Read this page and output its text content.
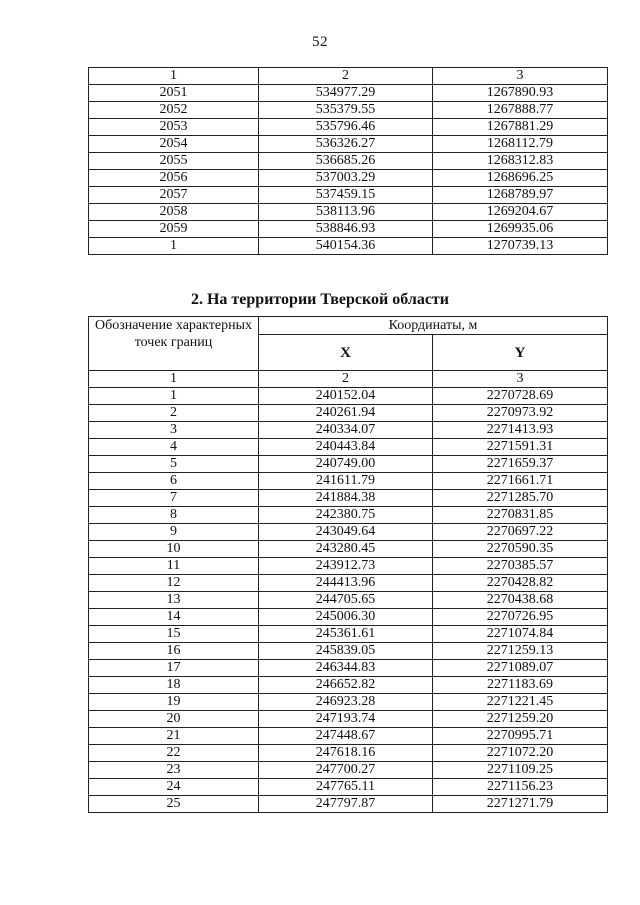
52
1	2	3
2051	534977.29	1267890.93
2052	535379.55	1267888.77
2053	535796.46	1267881.29
2054	536326.27	1268112.79
2055	536685.26	1268312.83
2056	537003.29	1268696.25
2057	537459.15	1268789.97
2058	538113.96	1269204.67
2059	538846.93	1269935.06
1	540154.36	1270739.13
2. На территории Тверской области
Обозначение характерных точек границ	Координаты, м	
	X	Y
1	2	3
1	240152.04	2270728.69
2	240261.94	2270973.92
3	240334.07	2271413.93
4	240443.84	2271591.31
5	240749.00	2271659.37
6	241611.79	2271661.71
7	241884.38	2271285.70
8	242380.75	2270831.85
9	243049.64	2270697.22
10	243280.45	2270590.35
11	243912.73	2270385.57
12	244413.96	2270428.82
13	244705.65	2270438.68
14	245006.30	2270726.95
15	245361.61	2271074.84
16	245839.05	2271259.13
17	246344.83	2271089.07
18	246652.82	2271183.69
19	246923.28	2271221.45
20	247193.74	2271259.20
21	247448.67	2270995.71
22	247618.16	2271072.20
23	247700.27	2271109.25
24	247765.11	2271156.23
25	247797.87	2271271.79
